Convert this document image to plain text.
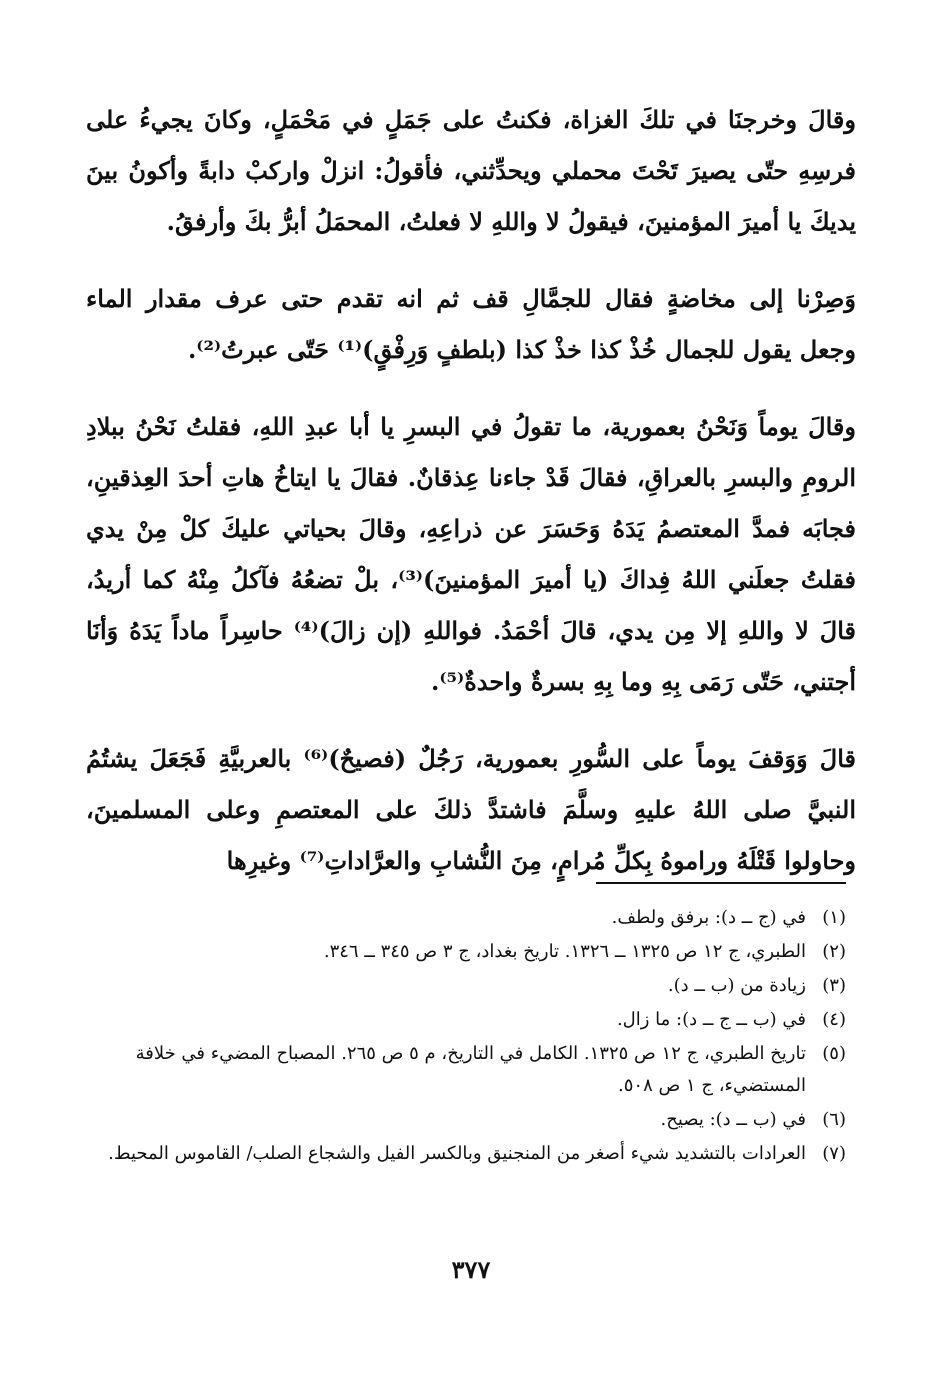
وقالَ وخرجنَا في تلكَ الغزاة، فكنتُ على جَمَلٍ في مَحْمَلٍ، وكانَ يجيءُ على فرسِهِ حتّى يصيرَ تَحْتَ محملي ويحدِّثني، فأقولُ: انزلْ واركبْ دابةً وأكونُ بينَ يديكَ يا أميرَ المؤمنينَ، فيقولُ لا واللهِ لا فعلتُ، المحمَلُ أبرُّ بكَ وأرفقُ.

وَصِرْنا إلى مخاضةٍ فقال للجمَّالِ قف ثم انه تقدم حتى عرف مقدار الماء وجعل يقول للجمال خُذْ كذا خذْ كذا (بلطفٍ وَرِفْقٍ)⁽¹⁾ حَتّى عبرتُ⁽²⁾.

وقالَ يوماً وَنَحْنُ بعمورية، ما تقولُ في البسرِ يا أبا عبدِ اللهِ، فقلتُ نَحْنُ ببلادِ الرومِ والبسرِ بالعراقِ، فقالَ قَدْ جاءنا عِذقانٌ. فقالَ يا ايتاخُ هاتِ أحدَ العِذقينِ، فجابَه فمدَّ المعتصمُ يَدَهُ وَحَسَرَ عن ذراعِهِ، وقالَ بحياتي عليكَ كلْ مِنْ يدي فقلتُ جعلَني اللهُ فِداكَ (يا أميرَ المؤمنينَ)⁽³⁾، بلْ تضعُهُ فآكلُ مِنْهُ كما أريدُ، قالَ لا واللهِ إلا مِن يدي، قالَ أحْمَدُ. فواللهِ (إن زالَ)⁽⁴⁾ حاسِراً ماداً يَدَهُ وَأنَا أجتني، حَتّى رَمَى بِهِ وما بِهِ بسرةٌ واحدةٌ⁽⁵⁾.

قالَ وَوَقفَ يوماً على السُّورِ بعمورية، رَجُلٌ (فصيحٌ)⁽⁶⁾ بالعربيَّةِ فَجَعَلَ يشتُمُ النبيَّ صلى اللهُ عليهِ وسلَّمَ فاشتدَّ ذلكَ على المعتصمِ وعلى المسلمينَ، وحاولوا قَتْلَهُ وراموهُ بِكلِّ مُرامٍ، مِنَ النُّشابِ والعرَّاداتِ⁽⁷⁾ وغيرِها

(١)
في (ج ــ د): برفق ولطف.
(٢)
الطبري، ج ١٢ ص ١٣٢٥ ــ ١٣٢٦. تاريخ بغداد، ج ٣ ص ٣٤٥ ــ ٣٤٦.
(٣)
زيادة من (ب ــ د).
(٤)
في (ب ــ ج ــ د): ما زال.
(٥)
تاريخ الطبري، ج ١٢ ص ١٣٢٥. الكامل في التاريخ، م ٥ ص ٢٦٥. المصباح المضيء في خلافة المستضيء، ج ١ ص ٥٠٨.
(٦)
في (ب ــ د): يصيح.
(٧)
العرادات بالتشديد شيء أصغر من المنجنيق وبالكسر الفيل والشجاع الصلب/ القاموس المحيط.
٣٧٧
